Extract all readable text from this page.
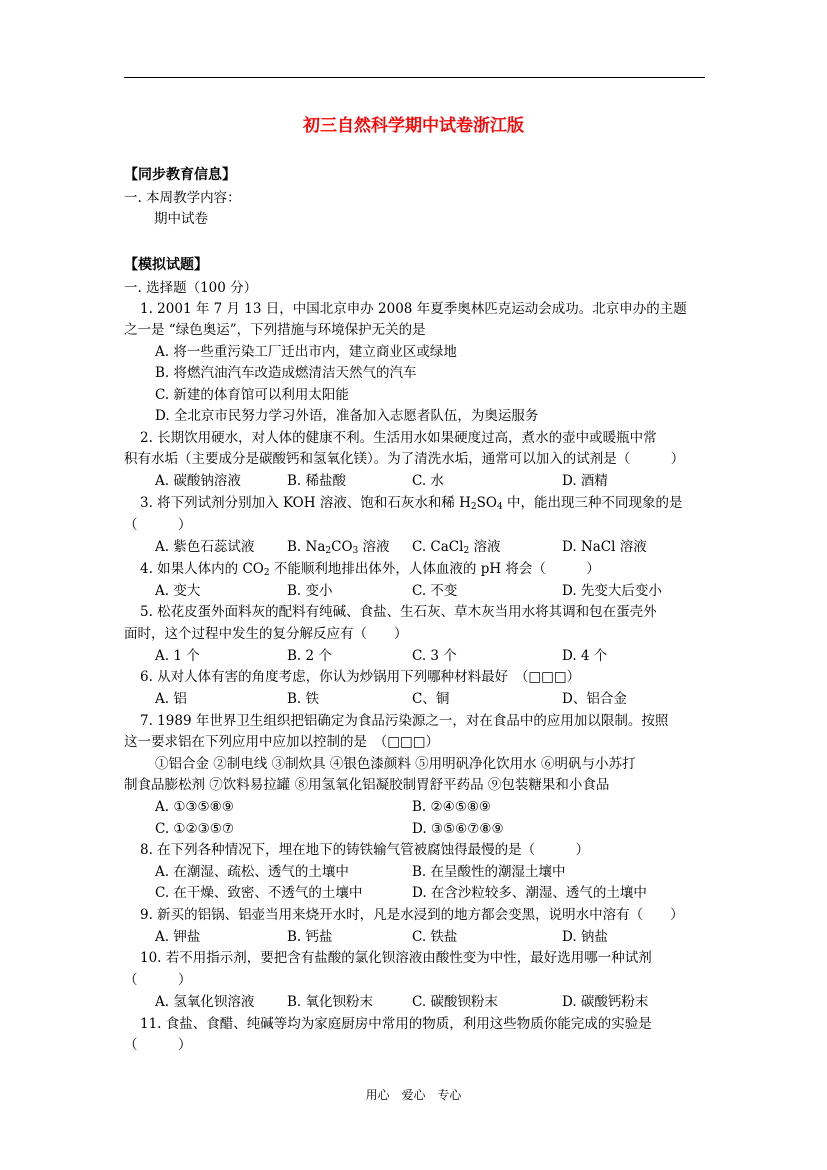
初三自然科学期中试卷浙江版
【同步教育信息】
一. 本周教学内容：
期中试卷
【模拟试题】
一. 选择题（100 分）
1. 2001 年 7 月 13 日，中国北京申办 2008 年夏季奥林匹克运动会成功。北京申办的主题
之一是 “绿色奥运”，下列措施与环境保护无关的是
A. 将一些重污染工厂迁出市内，建立商业区或绿地
B. 将燃汽油汽车改造成燃清洁天然气的汽车
C. 新建的体育馆可以利用太阳能
D. 全北京市民努力学习外语，准备加入志愿者队伍，为奥运服务
2. 长期饮用硬水，对人体的健康不利。生活用水如果硬度过高，煮水的壶中或暖瓶中常
积有水垢（主要成分是碳酸钙和氢氧化镁）。为了清洗水垢，通常可以加入的试剂是（　　　）
A. 碳酸钠溶液	B. 稀盐酸	C. 水	D. 酒精
3. 将下列试剂分别加入 KOH 溶液、饱和石灰水和稀 $H_2SO_4$ 中，能出现三种不同现象的是
（　　　）
A. 紫色石蕊试液 B. $Na_2CO_3$ 溶液 C. CaCl$_2$ 溶液	D. NaCl 溶液
4. 如果人体内的 $CO_2$ 不能顺利地排出体外，人体血液的 pH 将会（　　　）
A. 变大	B. 变小	C. 不变	D. 先变大后变小
5. 松花皮蛋外面料灰的配料有纯碱、食盐、生石灰、草木灰当用水将其调和包在蛋壳外
面时，这个过程中发生的复分解反应有（　　）
A. 1 个	B. 2 个	C. 3 个	D. 4 个
6. 从对人体有害的角度考虑，你认为炒锅用下列哪种材料最好　（□□□）
A. 铝	B. 铁	C、铜	D、铝合金
7. 1989 年世界卫生组织把铝确定为食品污染源之一，对在食品中的应用加以限制。按照
这一要求铝在下列应用中应加以控制的是　（□□□）
①铝合金 ②制电线 ③制炊具 ④银色漆颜料 ⑤用明矾净化饮用水 ⑥明矾与小苏打
制食品膨松剂 ⑦饮料易拉罐 ⑧用氢氧化铝凝胶制胃舒平药品 ⑨包装糖果和小食品
A. ①③⑤⑧⑨	B. ②④⑤⑧⑨
C. ①②③⑤⑦	D. ③⑤⑥⑦⑧⑨
8. 在下列各种情况下，埋在地下的铸铁输气管被腐蚀得最慢的是（　　　）
A. 在潮湿、疏松、透气的土壤中	B. 在呈酸性的潮湿土壤中
C. 在干燥、致密、不透气的土壤中	D. 在含沙粒较多、潮湿、透气的土壤中
9. 新买的铝锅、铝壶当用来烧开水时，凡是水浸到的地方都会变黑，说明水中溶有（　　）
A. 钾盐	B. 钙盐	C. 铁盐	D. 钠盐
10. 若不用指示剂，要把含有盐酸的氯化钡溶液由酸性变为中性，最好选用哪一种试剂
（　　　）
A. 氢氧化钡溶液 B. 氧化钡粉末	C. 碳酸钡粉末	D. 碳酸钙粉末
11. 食盐、食醋、纯碱等均为家庭厨房中常用的物质，利用这些物质你能完成的实验是
（　　　）
用心 爱心 专心
